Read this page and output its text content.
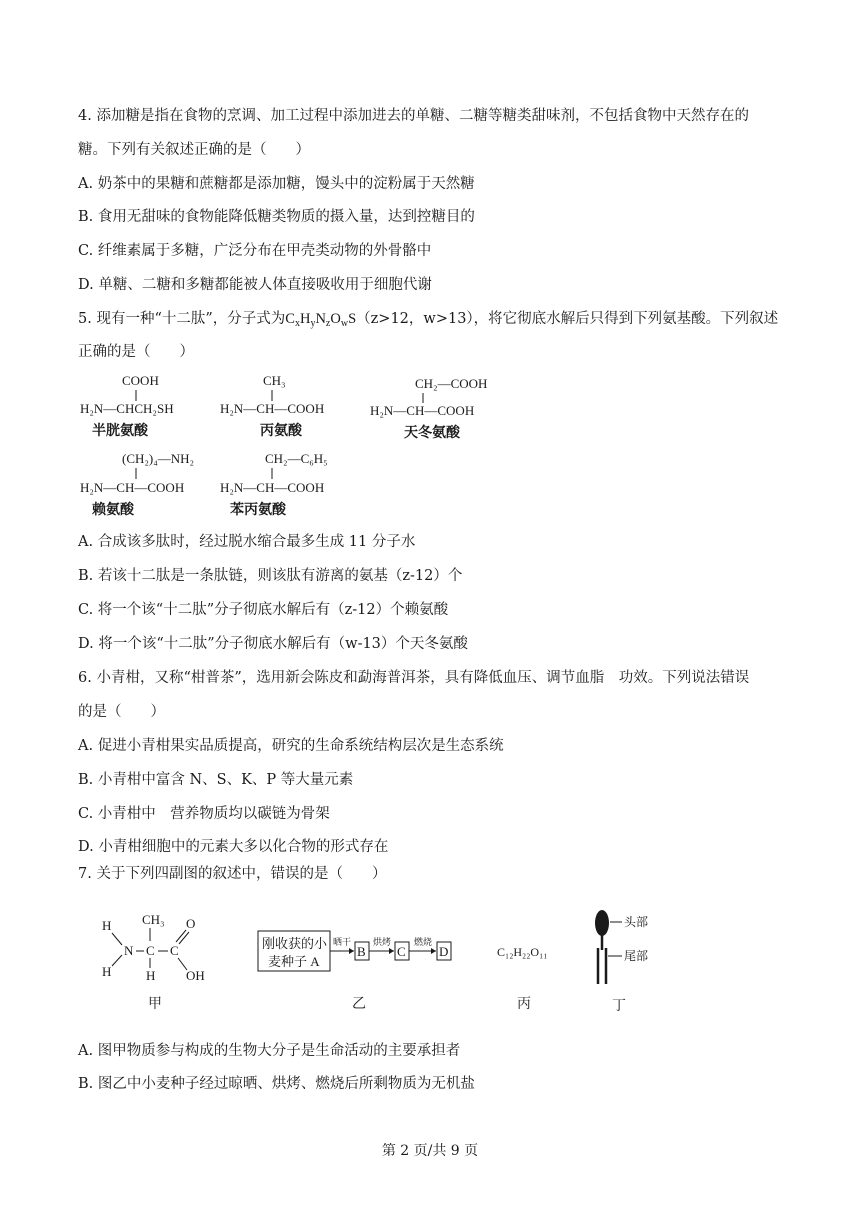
4. 添加糖是指在食物的烹调、加工过程中添加进去的单糖、二糖等糖类甜味剂，不包括食物中天然存在的
糖。下列有关叙述正确的是（　　）
A. 奶茶中的果糖和蔗糖都是添加糖，馒头中的淀粉属于天然糖
B. 食用无甜味的食物能降低糖类物质的摄入量，达到控糖目的
C. 纤维素属于多糖，广泛分布在甲壳类动物的外骨骼中
D. 单糖、二糖和多糖都能被人体直接吸收用于细胞代谢
5. 现有一种“十二肽”，分子式为$C_xH_yN_zO_wS(z>12$，w>13），将它彻底水解后只得到下列氨基酸。下列叙述
正确的是（　　）
COOH
H₂N—CHCH₂SH
半胱氨酸
CH₃
H₂N—CH—COOH
丙氨酸
CH₂—COOH
H₂N—CH—COOH
天冬氨酸
(CH₂)₄—NH₂
H₂N—CH—COOH
赖氨酸
CH₂—C₆H₅
H₂N—CH—COOH
苯丙氨酸
A. 合成该多肽时，经过脱水缩合最多生成 11 分子水
B. 若该十二肽是一条肽链，则该肽有游离的氨基（z-12）个
C. 将一个该“十二肽”分子彻底水解后有（z-12）个赖氨酸
D. 将一个该“十二肽”分子彻底水解后有（w-13）个天冬氨酸
6. 小青柑，又称“柑普茶”，选用新会陈皮和勐海普洱茶，具有降低血压、调节血脂　功效。下列说法错误
的是（　　）
A. 促进小青柑果实品质提高，研究的生命系统结构层次是生态系统
B. 小青柑中富含 N、S、K、P 等大量元素
C. 小青柑中　营养物质均以碳链为骨架
D. 小青柑细胞中的元素大多以化合物的形式存在
7. 关于下列四副图的叙述中，错误的是（　　）
H
H
N C
CH₃
H
C
O
OH
甲
刚收获的小
麦种子 A
晒干
B
烘烤
C
燃烧
D
乙
C₁₂H₂₂O₁₁
丙
头部
尾部
丁
A. 图甲物质参与构成的生物大分子是生命活动的主要承担者
B. 图乙中小麦种子经过晾晒、烘烤、燃烧后所剩物质为无机盐
第 2 页/共 9 页
